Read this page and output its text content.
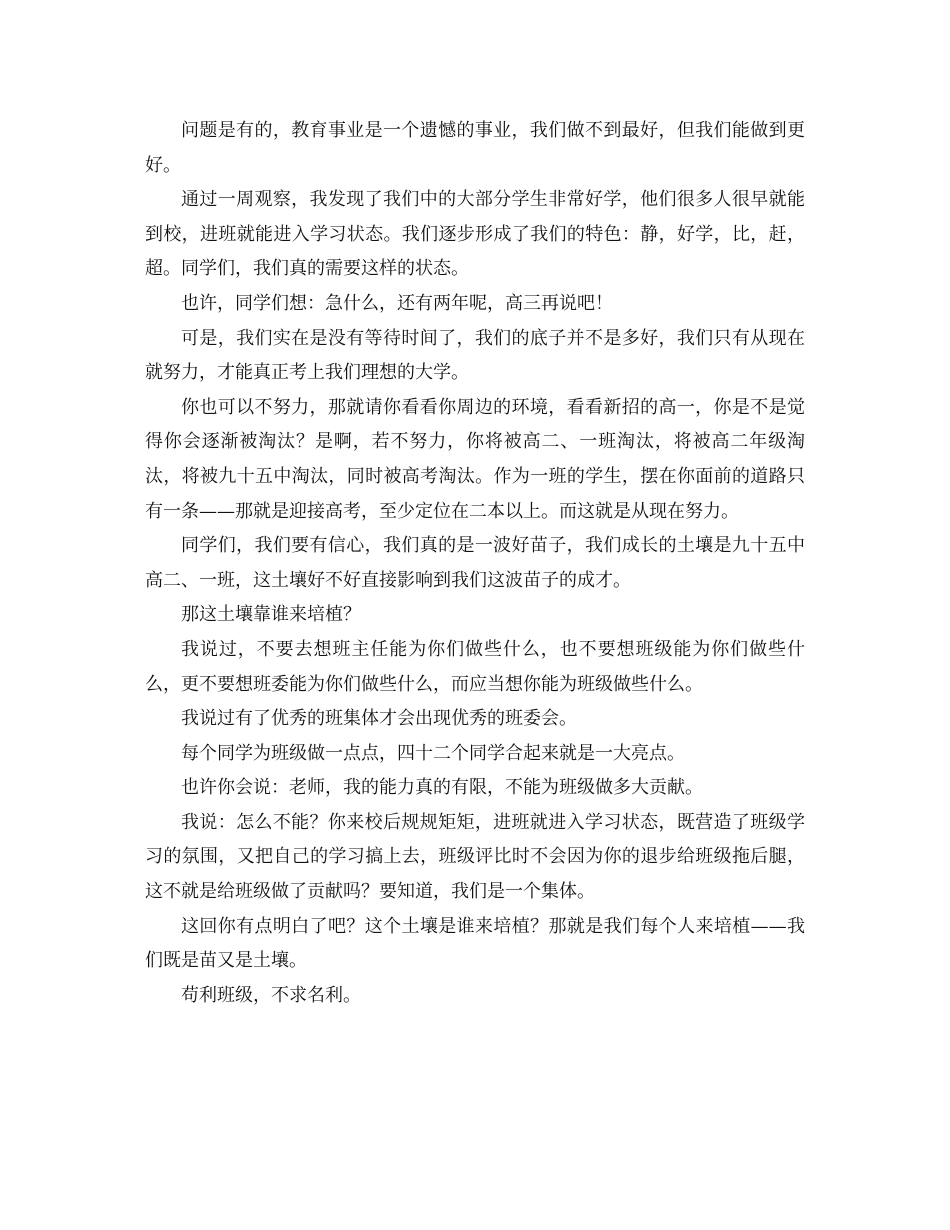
问题是有的，教育事业是一个遗憾的事业，我们做不到最好，但我们能做到更好。

通过一周观察，我发现了我们中的大部分学生非常好学，他们很多人很早就能到校，进班就能进入学习状态。我们逐步形成了我们的特色：静，好学，比，赶，超。同学们，我们真的需要这样的状态。

也许，同学们想：急什么，还有两年呢，高三再说吧！

可是，我们实在是没有等待时间了，我们的底子并不是多好，我们只有从现在就努力，才能真正考上我们理想的大学。

你也可以不努力，那就请你看看你周边的环境，看看新招的高一，你是不是觉得你会逐渐被淘汰？是啊，若不努力，你将被高二、一班淘汰，将被高二年级淘汰，将被九十五中淘汰，同时被高考淘汰。作为一班的学生，摆在你面前的道路只有一条——那就是迎接高考，至少定位在二本以上。而这就是从现在努力。

同学们，我们要有信心，我们真的是一波好苗子，我们成长的土壤是九十五中高二、一班，这土壤好不好直接影响到我们这波苗子的成才。

那这土壤靠谁来培植？

我说过，不要去想班主任能为你们做些什么，也不要想班级能为你们做些什么，更不要想班委能为你们做些什么，而应当想你能为班级做些什么。

我说过有了优秀的班集体才会出现优秀的班委会。

每个同学为班级做一点点，四十二个同学合起来就是一大亮点。

也许你会说：老师，我的能力真的有限，不能为班级做多大贡献。

我说：怎么不能？你来校后规规矩矩，进班就进入学习状态，既营造了班级学习的氛围，又把自己的学习搞上去，班级评比时不会因为你的退步给班级拖后腿，这不就是给班级做了贡献吗？要知道，我们是一个集体。

这回你有点明白了吧？这个土壤是谁来培植？那就是我们每个人来培植——我们既是苗又是土壤。

苟利班级，不求名利。
